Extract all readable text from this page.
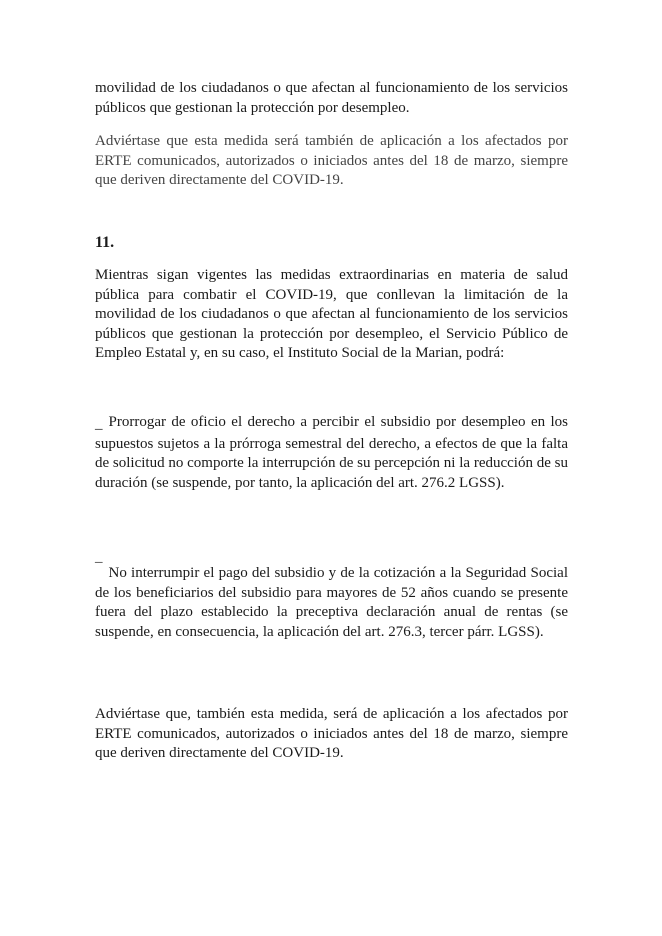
movilidad de los ciudadanos o que afectan al funcionamiento de los servicios públicos que gestionan la protección por desempleo.

Adviértase que esta medida será también de aplicación a los afectados por ERTE comunicados, autorizados o iniciados antes del 18 de marzo, siempre que deriven directamente del COVID-19.

11.

Mientras sigan vigentes las medidas extraordinarias en materia de salud pública para combatir el COVID-19, que conllevan la limitación de la movilidad de los ciudadanos o que afectan al funcionamiento de los servicios públicos que gestionan la protección por desempleo, el Servicio Público de Empleo Estatal y, en su caso, el Instituto Social de la Marian, podrá:

_ Prorrogar de oficio el derecho a percibir el subsidio por desempleo en los supuestos sujetos a la prórroga semestral del derecho, a efectos de que la falta de solicitud no comporte la interrupción de su percepción ni la reducción de su duración (se suspende, por tanto, la aplicación del art. 276.2 LGSS).

¯ No interrumpir el pago del subsidio y de la cotización a la Seguridad Social de los beneficiarios del subsidio para mayores de 52 años cuando se presente fuera del plazo establecido la preceptiva declaración anual de rentas (se suspende, en consecuencia, la aplicación del art. 276.3, tercer párr. LGSS).

Adviértase que, también esta medida, será de aplicación a los afectados por ERTE comunicados, autorizados o iniciados antes del 18 de marzo, siempre que deriven directamente del COVID-19.
